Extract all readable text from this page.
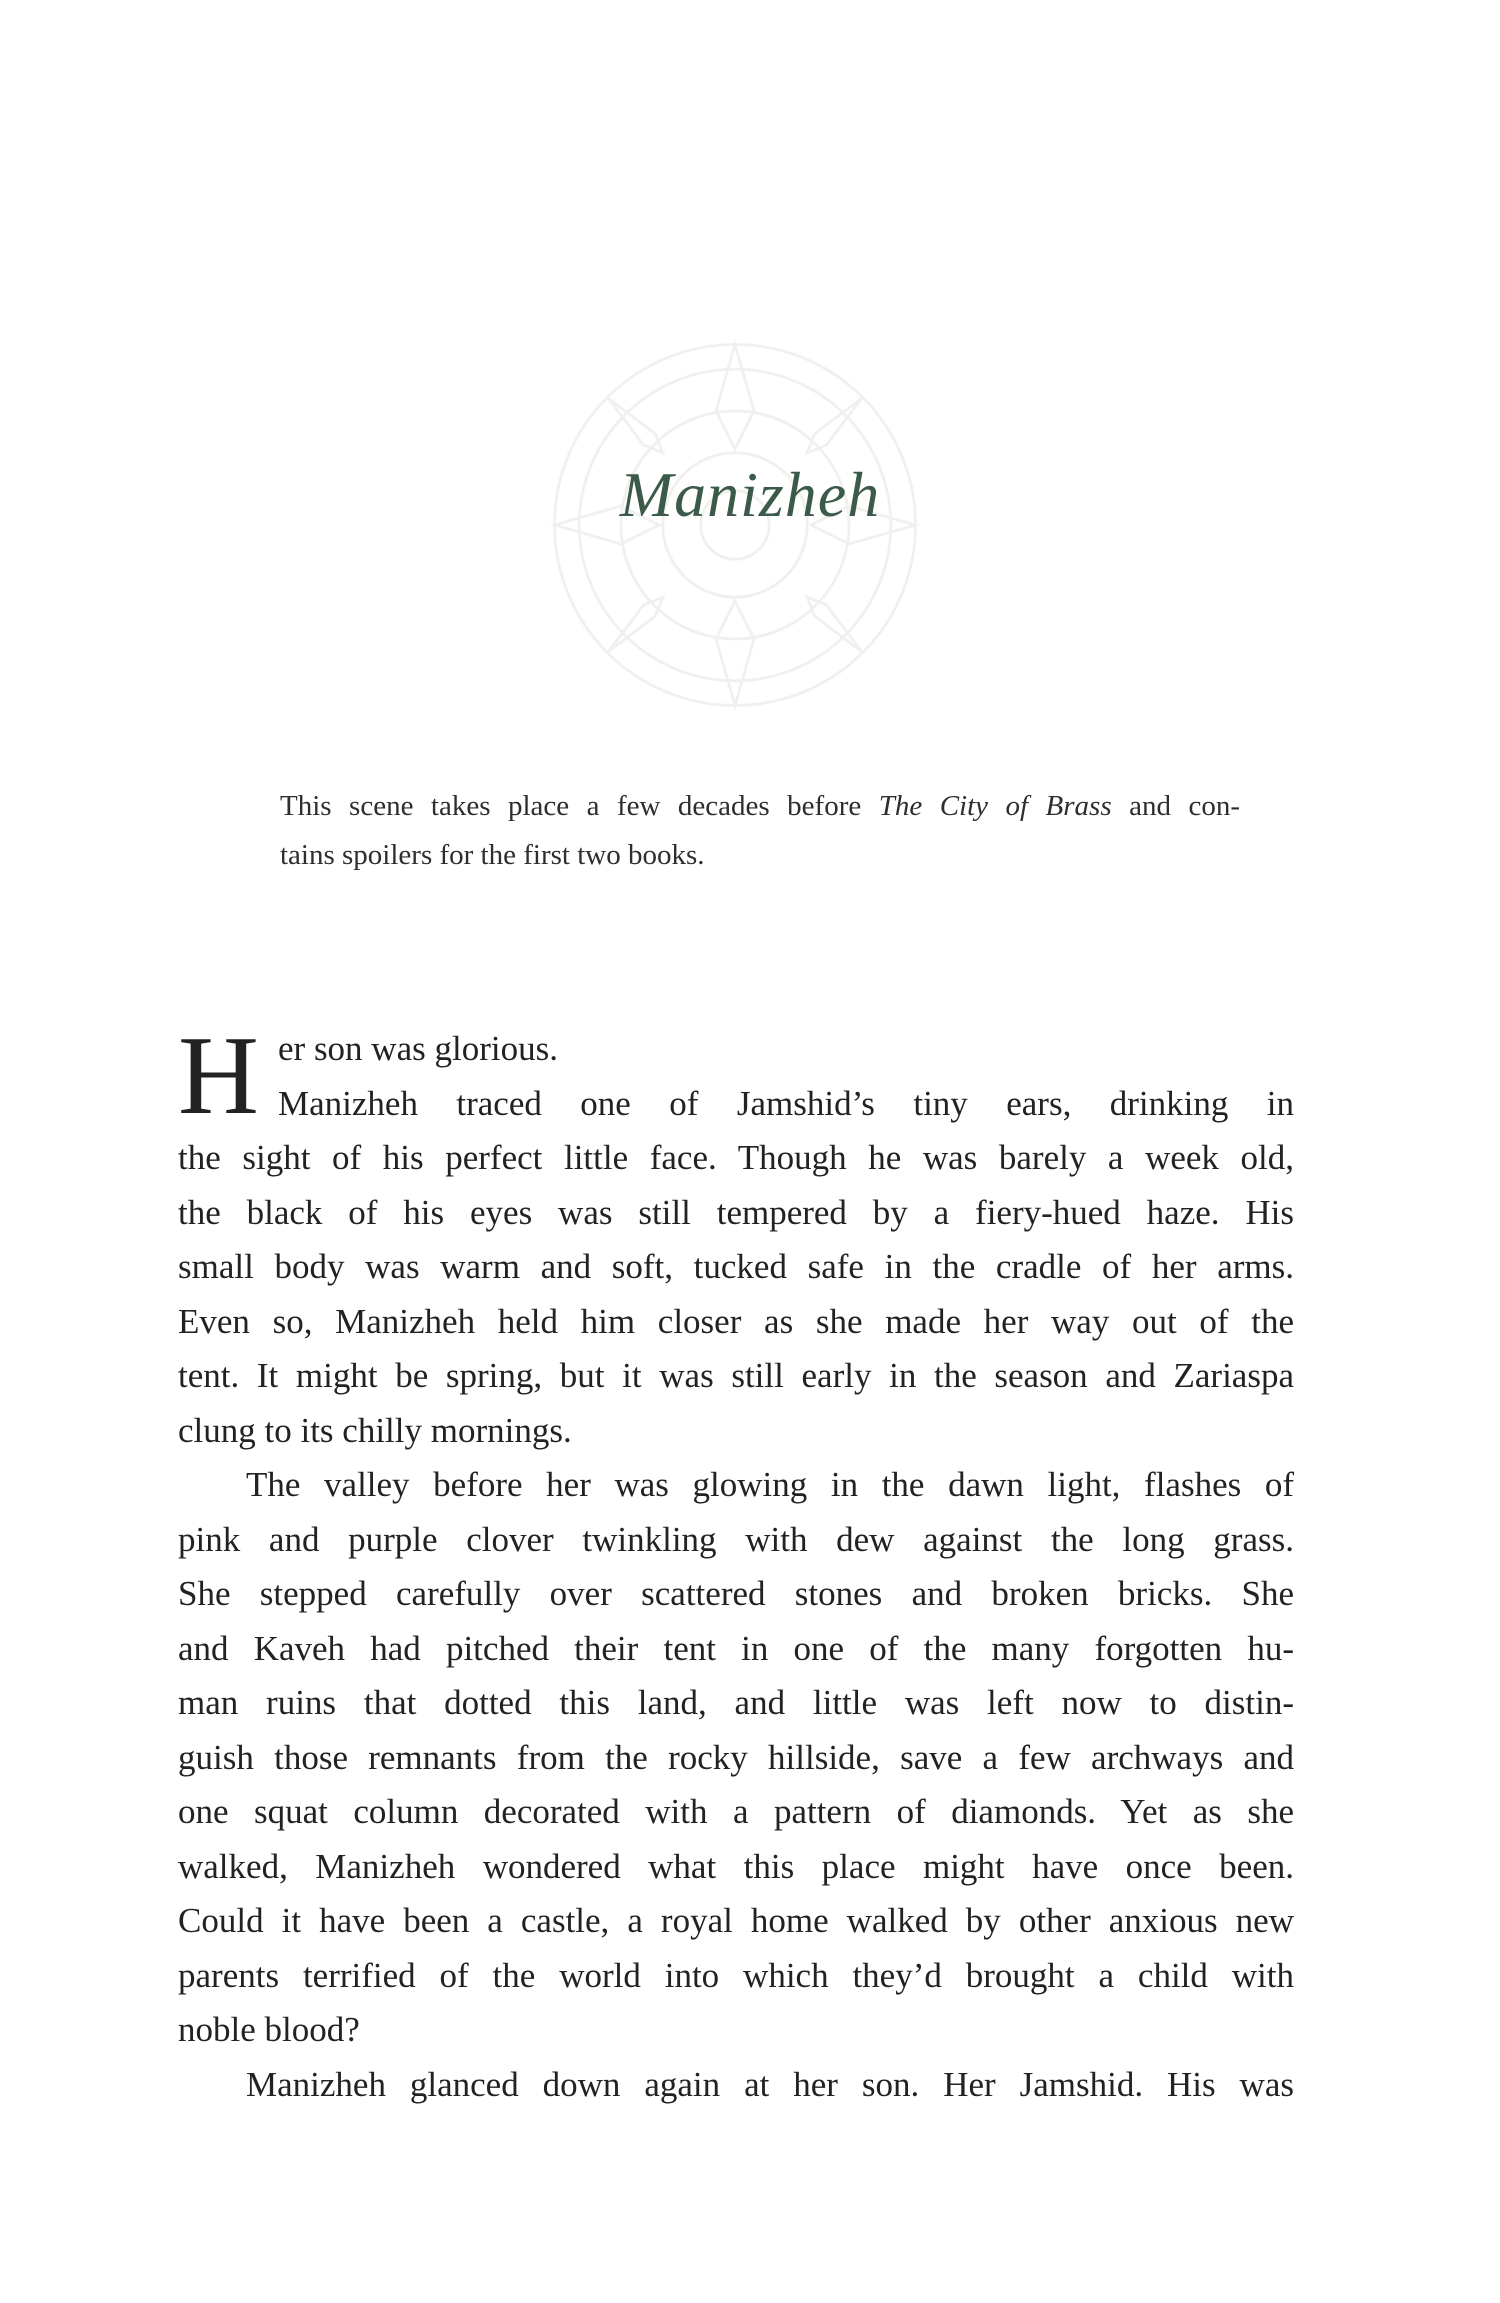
Manizheh
This scene takes place a few decades before The City of Brass and con-
tains spoilers for the first two books.
H er son was glorious.
Manizheh traced one of Jamshid’s tiny ears, drinking in
the sight of his perfect little face. Though he was barely a week old,
the black of his eyes was still tempered by a fiery-hued haze. His
small body was warm and soft, tucked safe in the cradle of her arms.
Even so, Manizheh held him closer as she made her way out of the
tent. It might be spring, but it was still early in the season and Zariaspa
clung to its chilly mornings.
The valley before her was glowing in the dawn light, flashes of
pink and purple clover twinkling with dew against the long grass.
She stepped carefully over scattered stones and broken bricks. She
and Kaveh had pitched their tent in one of the many forgotten hu-
man ruins that dotted this land, and little was left now to distin-
guish those remnants from the rocky hillside, save a few archways and
one squat column decorated with a pattern of diamonds. Yet as she
walked, Manizheh wondered what this place might have once been.
Could it have been a castle, a royal home walked by other anxious new
parents terrified of the world into which they’d brought a child with
noble blood?
Manizheh glanced down again at her son. Her Jamshid. His was
